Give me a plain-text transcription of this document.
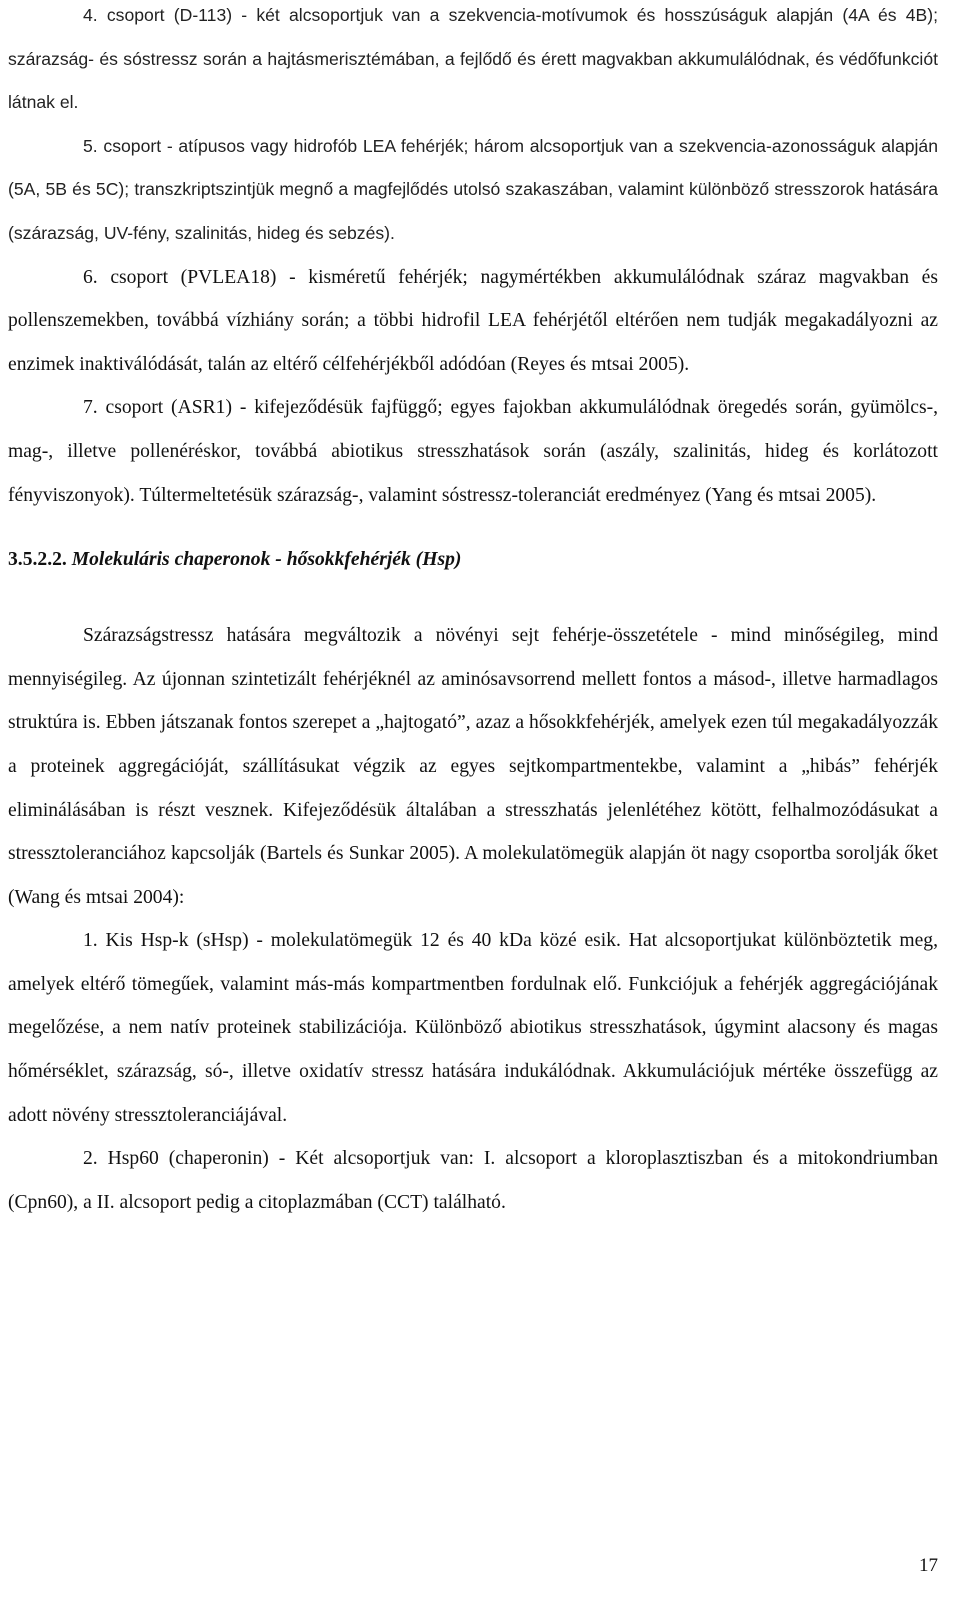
4. csoport (D-113) - két alcsoportjuk van a szekvencia-motívumok és hosszúságuk alapján (4A és 4B); szárazság- és sóstressz során a hajtásmerisztémában, a fejlődő és érett magvakban akkumulálódnak, és védőfunkciót látnak el.

5. csoport - atípusos vagy hidrofób LEA fehérjék; három alcsoportjuk van a szekvencia-azonosságuk alapján (5A, 5B és 5C); transzkriptszintjük megnő a magfejlődés utolsó szakaszában, valamint különböző stresszorok hatására (szárazság, UV-fény, szalinitás, hideg és sebzés).

6. csoport (PVLEA18) - kisméretű fehérjék; nagymértékben akkumulálódnak száraz magvakban és pollenszemekben, továbbá vízhiány során; a többi hidrofil LEA fehérjétől eltérően nem tudják megakadályozni az enzimek inaktiválódását, talán az eltérő célfehérjékből adódóan (Reyes és mtsai 2005).

7. csoport (ASR1) - kifejeződésük fajfüggő; egyes fajokban akkumulálódnak öregedés során, gyümölcs-, mag-, illetve pollenéréskor, továbbá abiotikus stresszhatások során (aszály, szalinitás, hideg és korlátozott fényviszonyok). Túltermeltetésük szárazság-, valamint sóstressz-toleranciát eredményez (Yang és mtsai 2005).

3.5.2.2. Molekuláris chaperonok - hősokkfehérjék (Hsp)

Szárazságstressz hatására megváltozik a növényi sejt fehérje-összetétele - mind minőségileg, mind mennyiségileg. Az újonnan szintetizált fehérjéknél az aminósavsorrend mellett fontos a másod-, illetve harmadlagos struktúra is. Ebben játszanak fontos szerepet a „hajtogató”, azaz a hősokkfehérjék, amelyek ezen túl megakadályozzák a proteinek aggregációját, szállításukat végzik az egyes sejtkompartmentekbe, valamint a „hibás” fehérjék eliminálásában is részt vesznek. Kifejeződésük általában a stresszhatás jelenlétéhez kötött, felhalmozódásukat a stressztoleranciához kapcsolják (Bartels és Sunkar 2005). A molekulatömegük alapján öt nagy csoportba sorolják őket (Wang és mtsai 2004):

1. Kis Hsp-k (sHsp) - molekulatömegük 12 és 40 kDa közé esik. Hat alcsoportjukat különböztetik meg, amelyek eltérő tömegűek, valamint más-más kompartmentben fordulnak elő. Funkciójuk a fehérjék aggregációjának megelőzése, a nem natív proteinek stabilizációja. Különböző abiotikus stresszhatások, úgymint alacsony és magas hőmérséklet, szárazság, só-, illetve oxidatív stressz hatására indukálódnak. Akkumulációjuk mértéke összefügg az adott növény stressztoleranciájával.

2. Hsp60 (chaperonin) - Két alcsoportjuk van: I. alcsoport a kloroplasztiszban és a mitokondriumban (Cpn60), a II. alcsoport pedig a citoplazmában (CCT) található.

17
